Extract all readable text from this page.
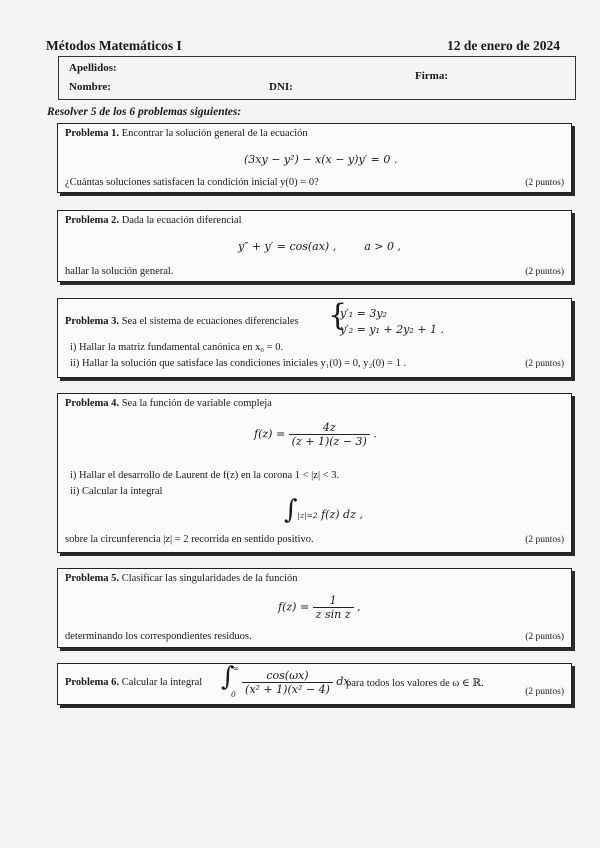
Métodos Matemáticos I	12 de enero de 2024
Apellidos:
Nombre:	DNI:
Firma:
Resolver 5 de los 6 problemas siguientes:
Problema 1. Encontrar la solución general de la ecuación
(3xy − y²) − x(x − y)y′ = 0 .
¿Cuántas soluciones satisfacen la condición inicial y(0) = 0?	(2 puntos)
Problema 2. Dada la ecuación diferencial
y″ + y′ = cos(ax) ,        a > 0 ,
hallar la solución general.	(2 puntos)
Problema 3. Sea el sistema de ecuaciones diferenciales {
y′₁ = 3y₂
y′₂ = y₁ + 2y₂ + 1 .
i) Hallar la matriz fundamental canónica en x₀ = 0.
ii) Hallar la solución que satisface las condiciones iniciales y₁(0) = 0, y₂(0) = 1 .	(2 puntos)
Problema 4. Sea la función de variable compleja
$f(z) = \frac{4z}{(z + 1)(z - 3)}$ .
i) Hallar el desarrollo de Laurent de f(z) en la corona 1 < |z| < 3.
ii) Calcular la integral
∫|z|=2 f(z) dz ,
sobre la circunferencia |z| = 2 recorrida en sentido positivo.	(2 puntos)
Problema 5. Clasificar las singularidades de la función
$f(z) = \frac{1}{\text{z sin z}}$ ,
determinando los correspondientes residuos.	(2 puntos)
Problema 6. Calcular la integral ∫
0
∞ $\frac{\cos(\omega x)}{\text{(x² + 1)(x² − 4)}}$ dx
para todos los valores de ω ∈ ℝ.
(2 puntos)
